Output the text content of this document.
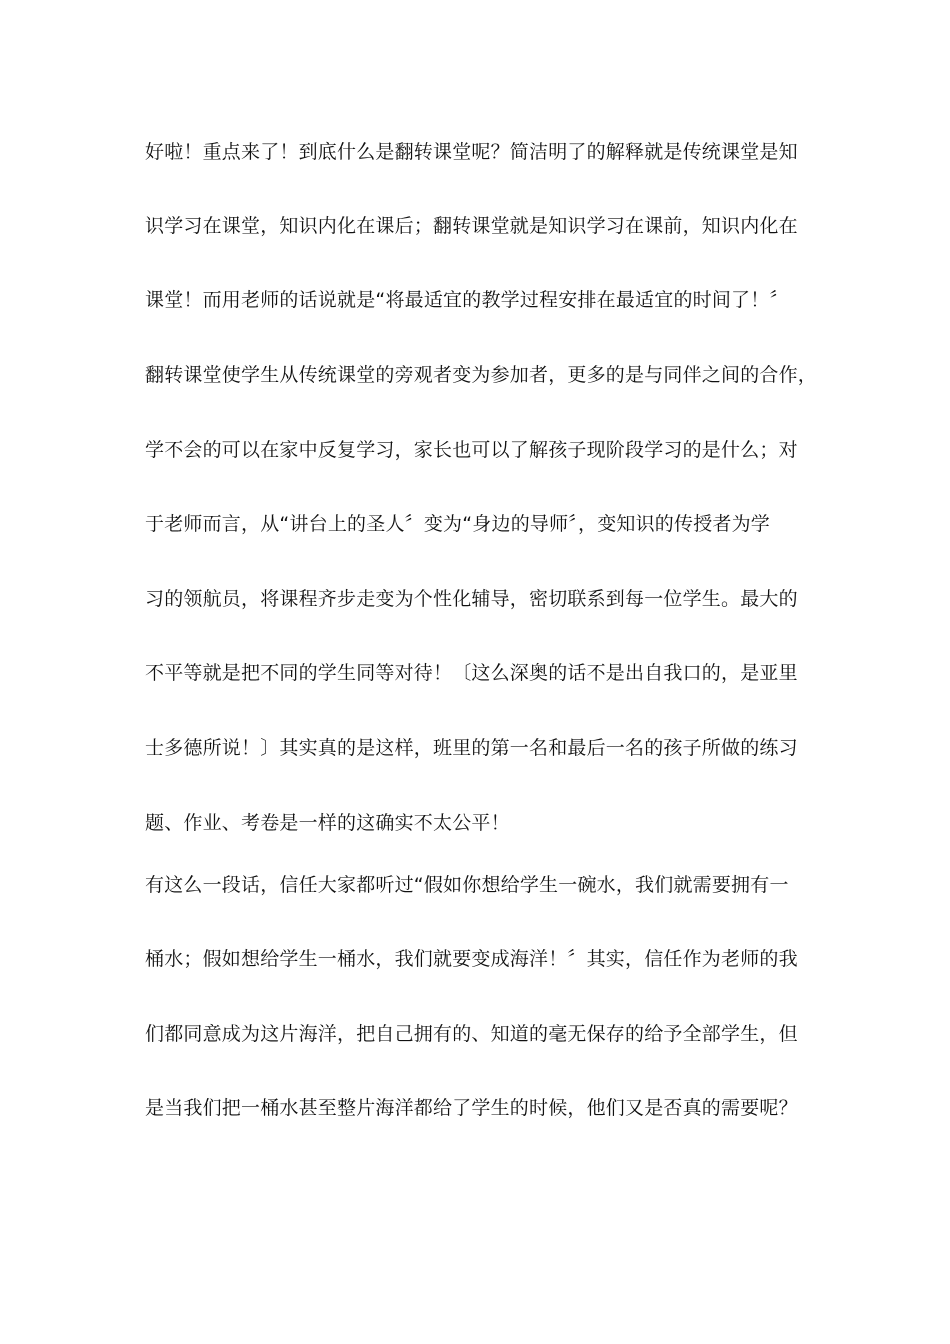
好啦！重点来了！到底什么是翻转课堂呢？简洁明了的解释就是传统课堂是知
识学习在课堂，知识内化在课后；翻转课堂就是知识学习在课前，知识内化在
课堂！而用老师的话说就是“将最适宜的教学过程安排在最适宜的时间了！〞
翻转课堂使学生从传统课堂的旁观者变为参加者，更多的是与同伴之间的合作，
学不会的可以在家中反复学习，家长也可以了解孩子现阶段学习的是什么；对
于老师而言，从“讲台上的圣人〞变为“身边的导师〞，变知识的传授者为学
习的领航员，将课程齐步走变为个性化辅导，密切联系到每一位学生。最大的
不平等就是把不同的学生同等对待！〔这么深奥的话不是出自我口的，是亚里
士多德所说！〕其实真的是这样，班里的第一名和最后一名的孩子所做的练习
题、作业、考卷是一样的这确实不太公平！
有这么一段话，信任大家都听过“假如你想给学生一碗水，我们就需要拥有一
桶水；假如想给学生一桶水，我们就要变成海洋！〞其实，信任作为老师的我
们都同意成为这片海洋，把自己拥有的、知道的毫无保存的给予全部学生，但
是当我们把一桶水甚至整片海洋都给了学生的时候，他们又是否真的需要呢？
